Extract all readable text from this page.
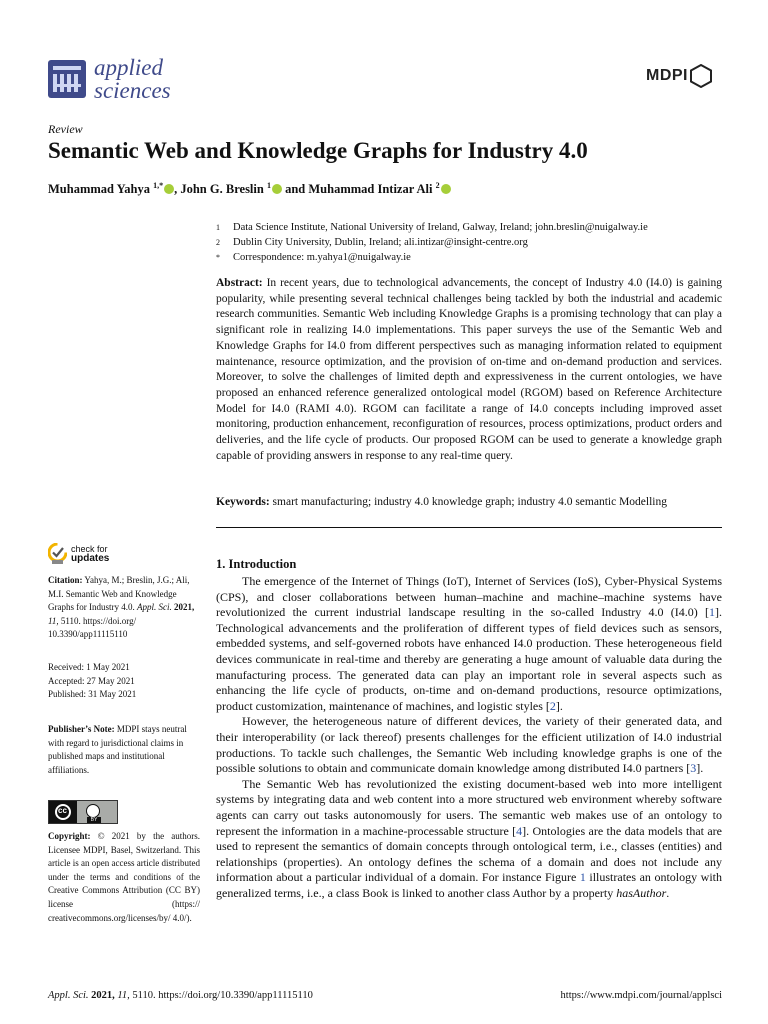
applied
sciences
MDPI
Review
Semantic Web and Knowledge Graphs for Industry 4.0
Muhammad Yahya $^{1,*}$ , John G. Breslin $^1$ and Muhammad Intizar Ali $^2$
1	Data Science Institute, National University of Ireland, Galway, Ireland; john.breslin@nuigalway.ie
2	Dublin City University, Dublin, Ireland; ali.intizar@insight-centre.org
*	Correspondence: m.yahya1@nuigalway.ie
Abstract: In recent years, due to technological advancements, the concept of Industry 4.0 (I4.0) is gaining popularity, while presenting several technical challenges being tackled by both the industrial and academic research communities. Semantic Web including Knowledge Graphs is a promising technology that can play a significant role in realizing I4.0 implementations. This paper surveys the use of the Semantic Web and Knowledge Graphs for I4.0 from different perspectives such as managing information related to equipment maintenance, resource optimization, and the provision of on-time and on-demand production and services. Moreover, to solve the challenges of limited depth and expressiveness in the current ontologies, we have proposed an enhanced reference generalized ontological model (RGOM) based on Reference Architecture Model for I4.0 (RAMI 4.0). RGOM can facilitate a range of I4.0 concepts including improved asset monitoring, production enhancement, reconfiguration of resources, process optimizations, product orders and deliveries, and the life cycle of products. Our proposed RGOM can be used to generate a knowledge graph capable of providing answers in response to any real-time query.
Keywords: smart manufacturing; industry 4.0 knowledge graph; industry 4.0 semantic Modelling
check for
updates
Citation: Yahya, M.; Breslin, J.G.; Ali, M.I. Semantic Web and Knowledge Graphs for Industry 4.0. Appl. Sci. 2021, 11, 5110. https://doi.org/ 10.3390/app11115110
Received: 1 May 2021
Accepted: 27 May 2021
Published: 31 May 2021
Publisher’s Note: MDPI stays neutral with regard to jurisdictional claims in published maps and institutional affiliations.
cc
BY
Copyright: © 2021 by the authors. Licensee MDPI, Basel, Switzerland. This article is an open access article distributed under the terms and conditions of the Creative Commons Attribution (CC BY) license (https:// creativecommons.org/licenses/by/ 4.0/).
1. Introduction

The emergence of the Internet of Things (IoT), Internet of Services (IoS), Cyber-Physical Systems (CPS), and closer collaborations between human–machine and machine–machine systems have revolutionized the current industrial landscape resulting in the so-called Industry 4.0 (I4.0) [1]. Technological advancements and the proliferation of different types of field devices such as sensors, embedded systems, and self-governed robots have enhanced I4.0 production. These heterogeneous field devices communicate in real-time and thereby are generating a huge amount of valuable data during the manufacturing process. The generated data can play an important role in several aspects such as enhancing the life cycle of products, on-time and on-demand productions, resource optimizations, product customization, maintenance of machines, and logistic styles [2].

However, the heterogeneous nature of different devices, the variety of their generated data, and their interoperability (or lack thereof) presents challenges for the efficient utilization of I4.0 industrial productions. To tackle such challenges, the Semantic Web including knowledge graphs is one of the possible solutions to obtain and communicate domain knowledge among distributed I4.0 partners [3].

The Semantic Web has revolutionized the existing document-based web into more intelligent systems by integrating data and web content into a more structured web environment whereby software agents can carry out tasks autonomously for users. The semantic web makes use of an ontology to represent the information in a machine-processable structure [4]. Ontologies are the data models that are used to represent the semantics of domain concepts through ontological term, i.e., classes (entities) and relationships (properties). An ontology defines the schema of a domain and does not include any information about a particular individual of a domain. For instance Figure 1 illustrates an ontology with generalized terms, i.e., a class Book is linked to another class Author by a property hasAuthor.

Appl. Sci. 2021, 11, 5110. https://doi.org/10.3390/app11115110	https://www.mdpi.com/journal/applsci
